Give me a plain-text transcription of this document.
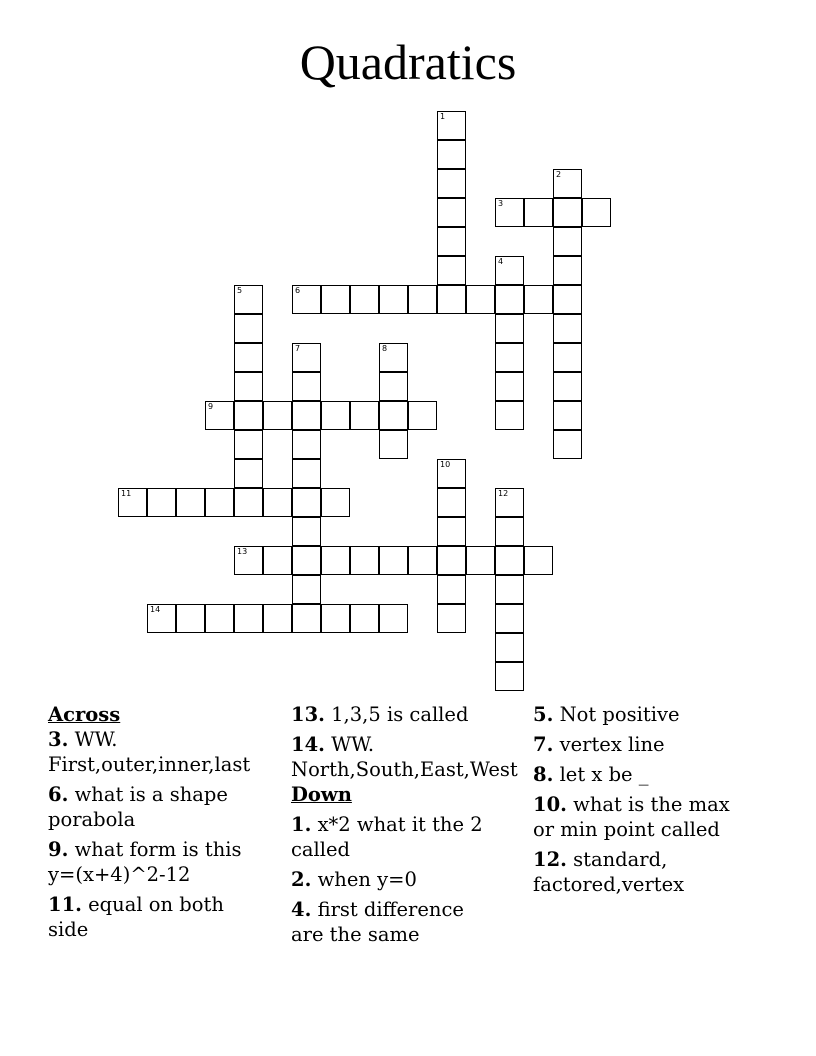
Quadratics
1
2
3
4
5	6
7	8
9
10
11	12
13
14
Across
3. WW. First,outer,inner,last
6. what is a shape porabola
9. what form is this y=(x+4)^2-12
11. equal on both side
13. 1,3,5 is called
14. WW.
North,South,East,West
Down
1. x*2 what it the 2 called
2. when y=0
4. first difference are the same
5. Not positive
7. vertex line
8. let x be _
10. what is the max or min point called
12. standard, factored,vertex
